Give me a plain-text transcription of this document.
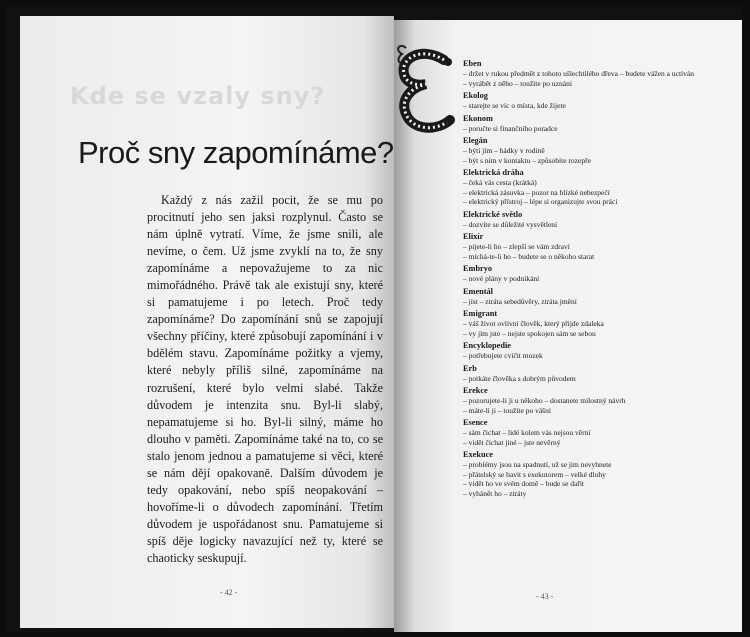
Kde se vzaly sny?
Proč sny zapomínáme?
Každý z nás zažil pocit, že se mu po procitnutí jeho sen jaksi rozplynul. Často se nám úplně vytratí. Víme, že jsme snili, ale nevíme, o čem. Už jsme zvyklí na to, že sny zapomínáme a nepovažujeme to za nic mimořádného. Právě tak ale existují sny, které si pamatujeme i po letech. Proč tedy zapomínáme? Do zapomínání snů se zapojují všechny příčiny, které způsobují zapomínání i v bdělém stavu. Zapomínáme požitky a vjemy, které nebyly příliš silné, zapomínáme na rozrušení, které bylo velmi slabé. Takže důvodem je intenzita snu. Byl-li slabý, nepamatujeme si ho. Byl-li silný, máme ho dlouho v paměti. Zapomínáme také na to, co se stalo jenom jednou a pamatujeme si věci, které se nám dějí opakovaně. Dalším důvodem je tedy opakování, nebo spíš neopakování – hovoříme-li o důvodech zapomínání. Třetím důvodem je uspořádanost snu. Pamatujeme si spíš děje logicky navazující než ty, které se chaoticky seskupují.
- 42 -
Eben
– držet v rukou předmět z tohoto ušlechtilého dřeva – budete vážen a uctíván
– vyrábět z něho – toužíte po uznání
Ekolog
– starejte se víc o místa, kde žijete
Ekonom
– poručte si finančního poradce
Elegán
– býti jím – hádky v rodině
– být s ním v kontaktu – způsobíte rozepře
Elektrická dráha
– čeká vás cesta (krátká)
– elektrická zásuvka – pozor na blízké nebezpečí
– elektrický přístroj – lépe si organizujte svou práci
Elektrické světlo
– dozvíte se důležité vysvětlení
Elixír
– pijete-li ho – zlepší se vám zdraví
– míchá-te-li ho – budete se o někoho starat
Embryo
– nové plány v podnikání
Ementál
– jíst – ztráta sebedůvěry, ztráta jmění
Emigrant
– váš život ovlivní člověk, který přijde zdaleka
– vy jím jste – nejste spokojen sám se sebou
Encyklopedie
– potřebujete cvičit mozek
Erb
– potkáte člověka s dobrým původem
Erekce
– pozorujete-li ji u někoho – dostanete milostný návrh
– máte-li ji – toužíte po vášni
Esence
– sám čichat – lidé kolem vás nejsou věrní
– vidět čichat jiné – jste nevěrný
Exekuce
– problémy jsou na spadnutí, už se jim nevyhnete
– přátelský se bavit s exekutorem – velké dluhy
– vidět ho ve svém domě – bude se dařit
– vyhánět ho – ztráty
- 43 -
